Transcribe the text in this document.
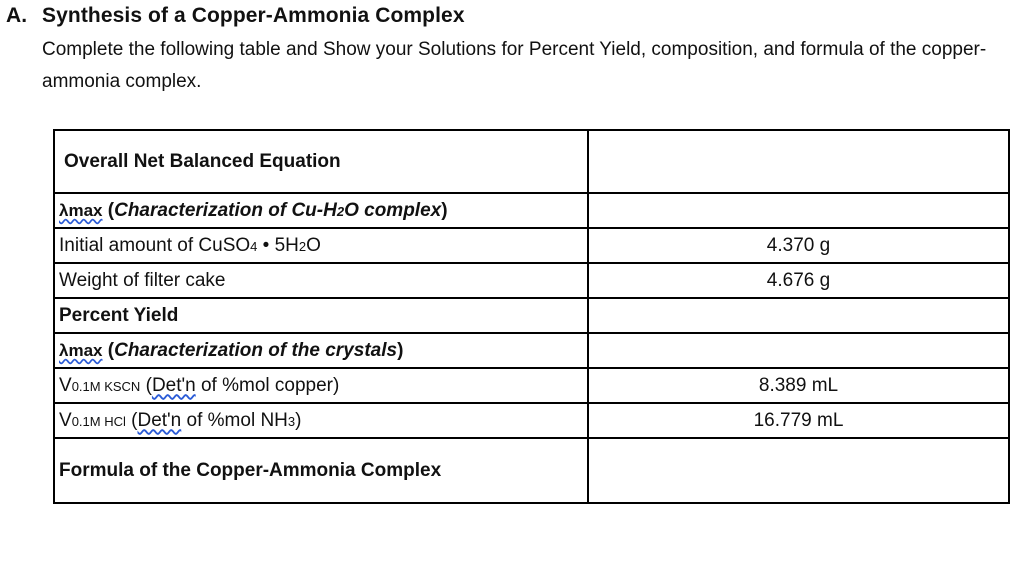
A. Synthesis of a Copper-Ammonia Complex
Complete the following table and Show your Solutions for Percent Yield, composition, and formula of the copper-ammonia complex.
Overall Net Balanced Equation	
λmax (Characterization of Cu-H2O complex)	
Initial amount of CuSO4 • 5H2O	4.370 g
Weight of filter cake	4.676 g
Percent Yield	
λmax (Characterization of the crystals)	
V0.1M KSCN (Det'n of %mol copper)	8.389 mL
V0.1M HCl (Det'n of %mol NH3)	16.779 mL
Formula of the Copper-Ammonia Complex	
